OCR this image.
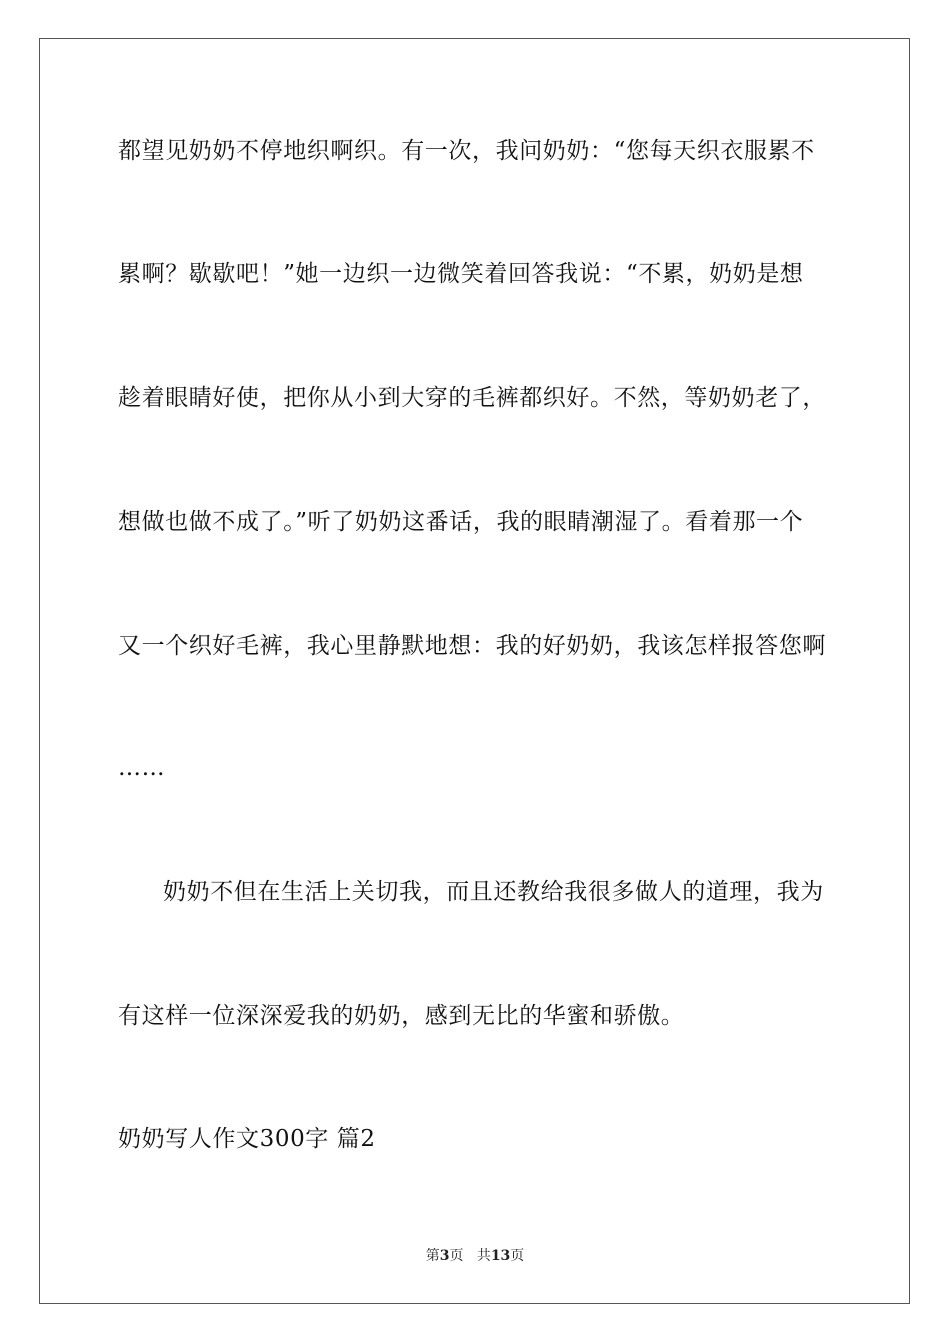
都望见奶奶不停地织啊织。有一次，我问奶奶：“您每天织衣服累不
累啊？歇歇吧！”她一边织一边微笑着回答我说：“不累，奶奶是想
趁着眼睛好使，把你从小到大穿的毛裤都织好。不然，等奶奶老了，
想做也做不成了。”听了奶奶这番话，我的眼睛潮湿了。看着那一个
又一个织好毛裤，我心里静默地想：我的好奶奶，我该怎样报答您啊
……
奶奶不但在生活上关切我，而且还教给我很多做人的道理，我为
有这样一位深深爱我的奶奶，感到无比的华蜜和骄傲。
奶奶写人作文300字 篇2
第3页 共13页
